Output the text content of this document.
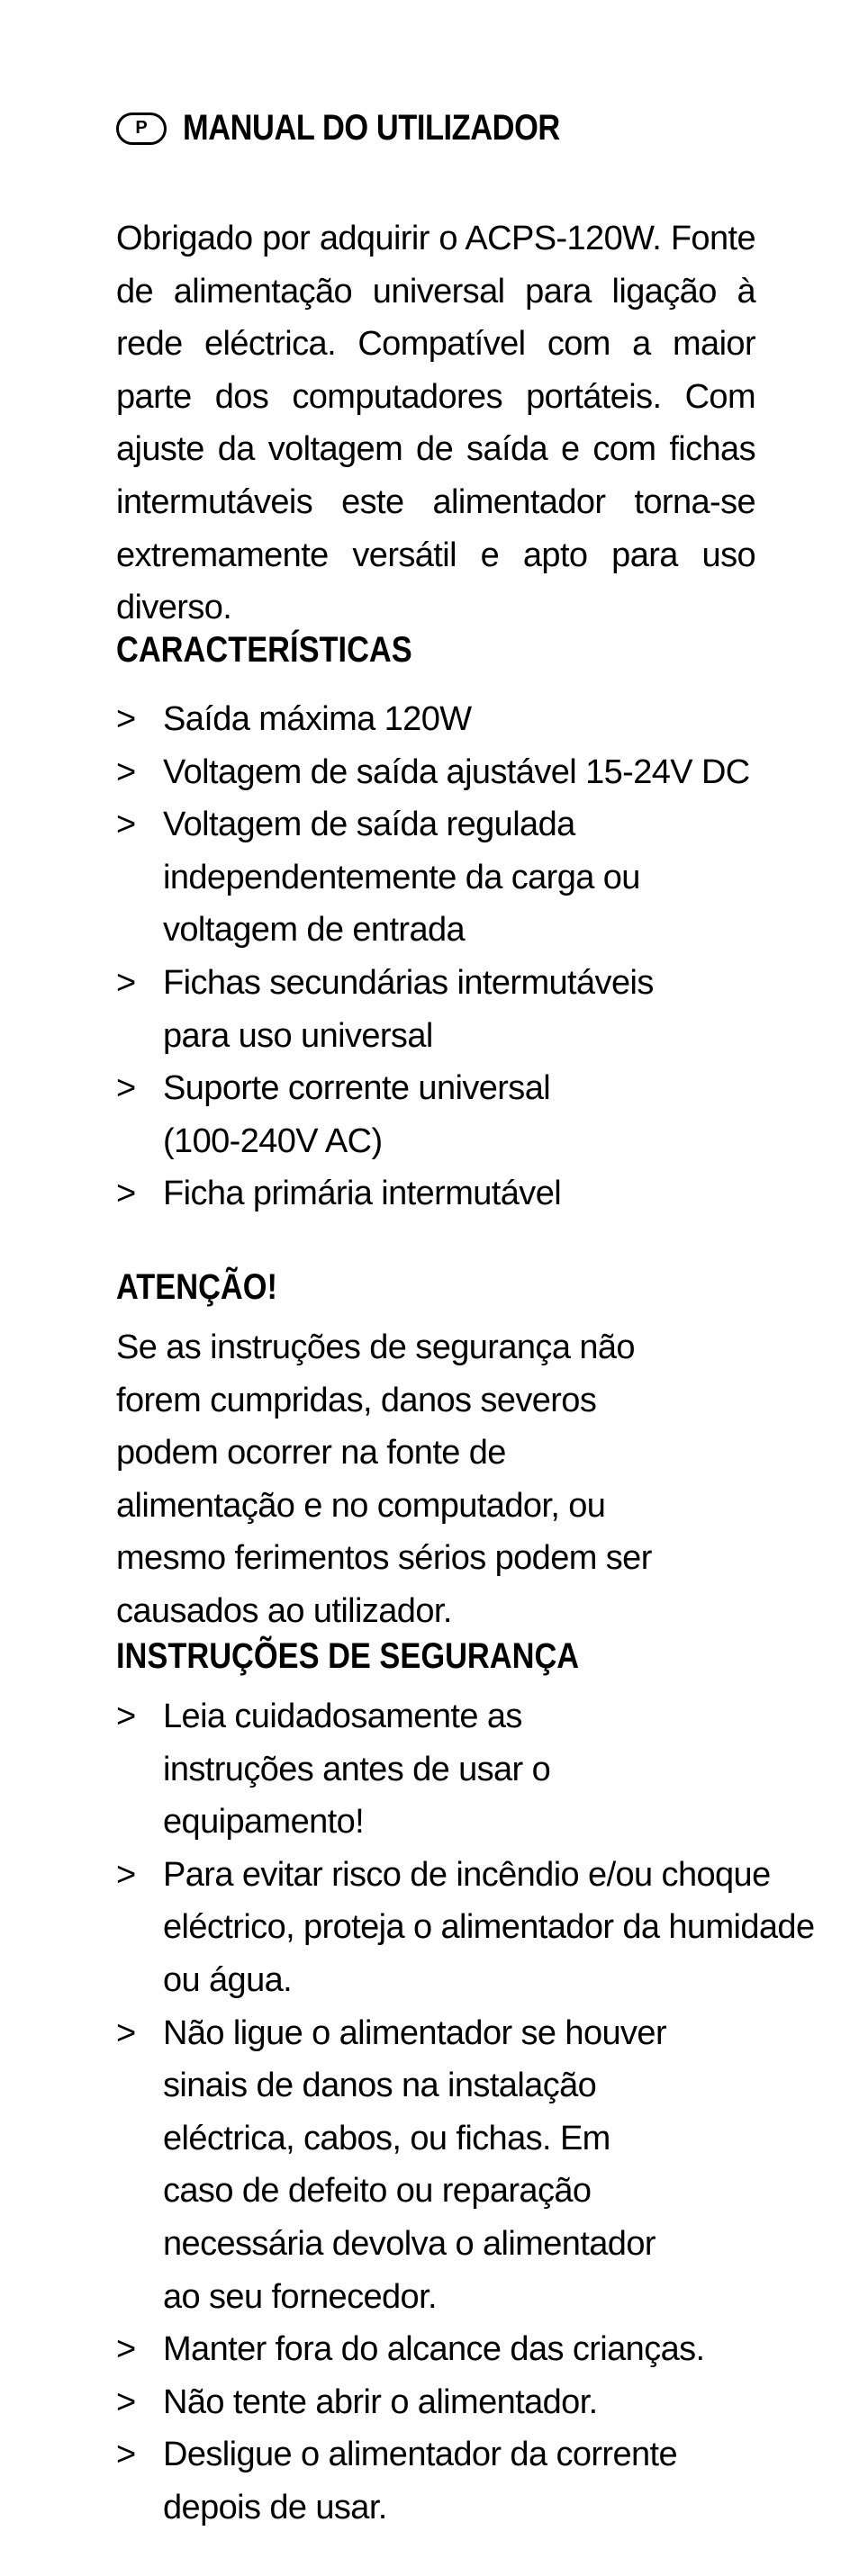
P MANUAL DO UTILIZADOR

Obrigado por adquirir o ACPS-120W. Fonte de alimentação universal para ligação à rede eléctrica. Compatível com a maior parte dos computadores portáteis. Com ajuste da voltagem de saída e com fichas intermutáveis este alimentador torna-se extremamente versátil e apto para uso diverso.

CARACTERÍSTICAS
> Saída máxima 120W
> Voltagem de saída ajustável 15-24V DC
> Voltagem de saída regulada independentemente da carga ou voltagem de entrada
> Fichas secundárias intermutáveis para uso universal
> Suporte corrente universal (100-240V AC)
> Ficha primária intermutável
ATENÇÃO!

Se as instruções de segurança não forem cumpridas, danos severos podem ocorrer na fonte de alimentação e no computador, ou mesmo ferimentos sérios podem ser causados ao utilizador.

INSTRUÇÕES DE SEGURANÇA
> Leia cuidadosamente as instruções antes de usar o equipamento!
> Para evitar risco de incêndio e/ou choque eléctrico, proteja o alimentador da humidade ou água.
> Não ligue o alimentador se houver sinais de danos na instalação eléctrica, cabos, ou fichas. Em caso de defeito ou reparação necessária devolva o alimentador ao seu fornecedor.
> Manter fora do alcance das crianças.
> Não tente abrir o alimentador.
> Desligue o alimentador da corrente depois de usar.
